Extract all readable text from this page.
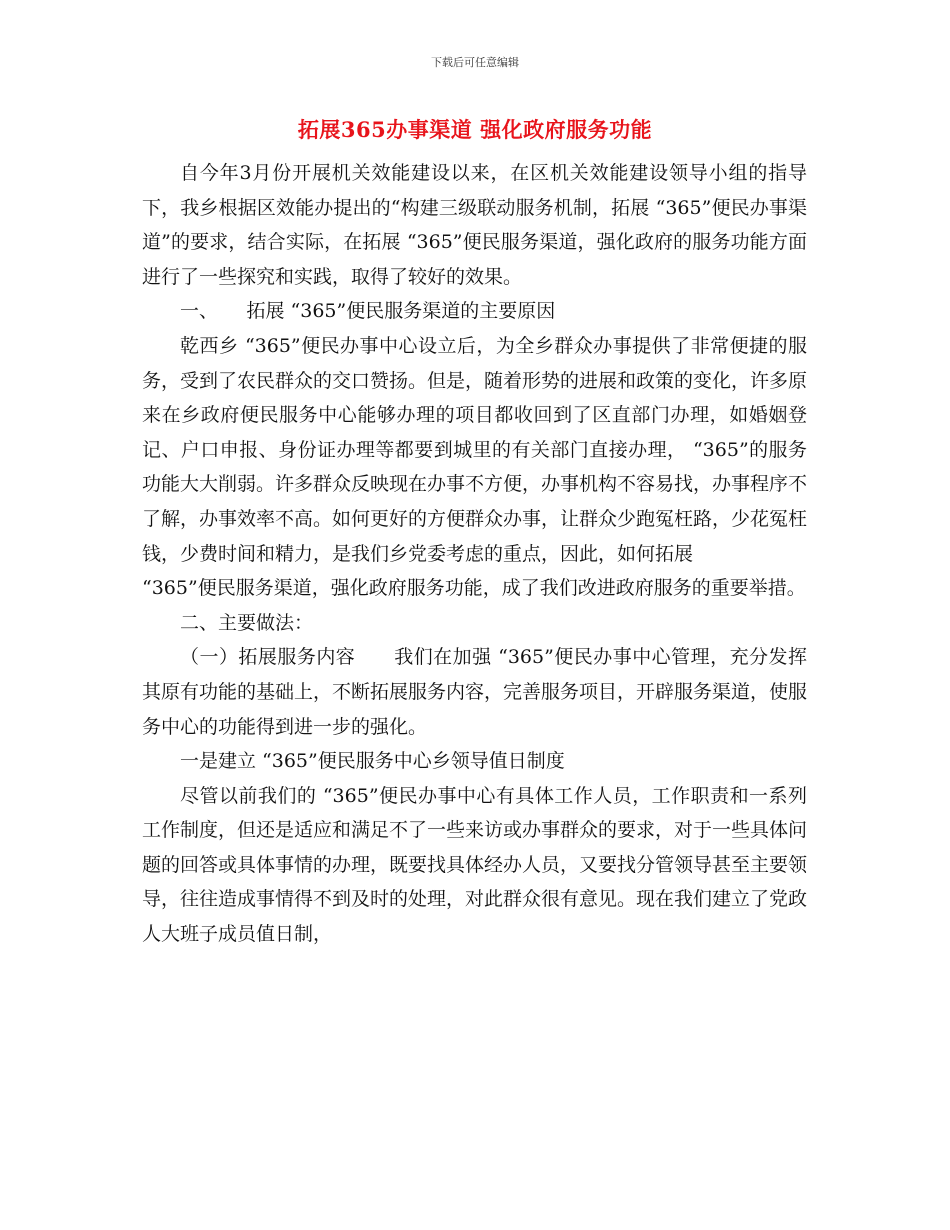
下载后可任意编辑
拓展365办事渠道 强化政府服务功能

自今年3月份开展机关效能建设以来，在区机关效能建设领导小组的指导下，我乡根据区效能办提出的“构建三级联动服务机制，拓展 “365”便民办事渠道”的要求，结合实际，在拓展 “365”便民服务渠道，强化政府的服务功能方面进行了一些探究和实践，取得了较好的效果。

一、　　拓展 “365”便民服务渠道的主要原因

乾西乡 “365”便民办事中心设立后，为全乡群众办事提供了非常便捷的服务，受到了农民群众的交口赞扬。但是，随着形势的进展和政策的变化，许多原来在乡政府便民服务中心能够办理的项目都收回到了区直部门办理，如婚姻登记、户口申报、身份证办理等都要到城里的有关部门直接办理， “365”的服务功能大大削弱。许多群众反映现在办事不方便，办事机构不容易找，办事程序不了解，办事效率不高。如何更好的方便群众办事，让群众少跑冤枉路，少花冤枉钱，少费时间和精力，是我们乡党委考虑的重点，因此，如何拓展

“365”便民服务渠道，强化政府服务功能，成了我们改进政府服务的重要举措。

二、主要做法：

（一）拓展服务内容　　我们在加强 “365”便民办事中心管理，充分发挥其原有功能的基础上，不断拓展服务内容，完善服务项目，开辟服务渠道，使服务中心的功能得到进一步的强化。

一是建立 “365”便民服务中心乡领导值日制度

尽管以前我们的 “365”便民办事中心有具体工作人员，工作职责和一系列工作制度，但还是适应和满足不了一些来访或办事群众的要求，对于一些具体问题的回答或具体事情的办理，既要找具体经办人员，又要找分管领导甚至主要领导，往往造成事情得不到及时的处理，对此群众很有意见。现在我们建立了党政人大班子成员值日制，
